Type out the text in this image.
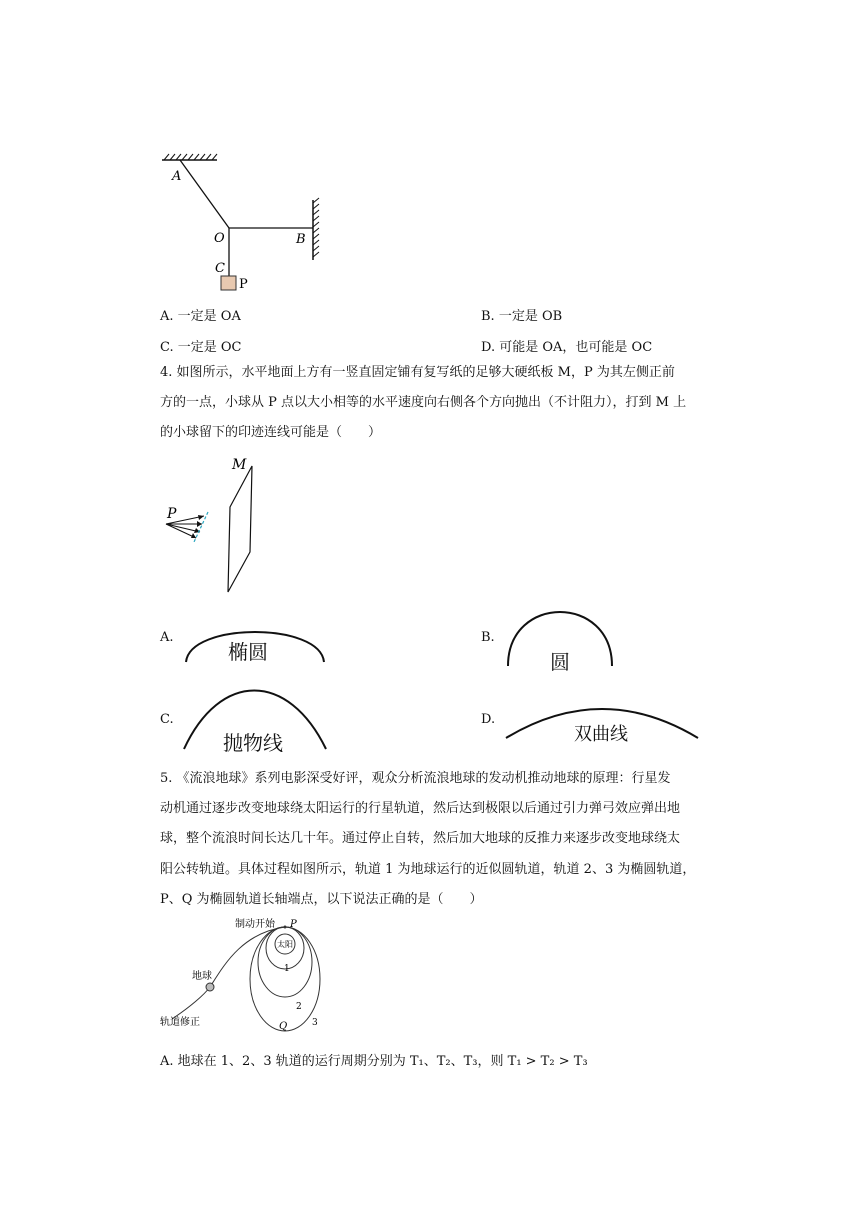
A
O	B
C
P
A. 一定是 OA	B. 一定是 OB
C. 一定是 OC	D. 可能是 OA，也可能是 OC
4. 如图所示，水平地面上方有一竖直固定铺有复写纸的足够大硬纸板 M，P 为其左侧正前
方的一点，小球从 P 点以大小相等的水平速度向右侧各个方向抛出（不计阻力），打到 M 上
的小球留下的印迹连线可能是（　　）
M
P
A.
椭圆
B.
圆
C.
抛物线
D.
双曲线
5. 《流浪地球》系列电影深受好评，观众分析流浪地球的发动机推动地球的原理：行星发
动机通过逐步改变地球绕太阳运行的行星轨道，然后达到极限以后通过引力弹弓效应弹出地
球，整个流浪时间长达几十年。通过停止自转，然后加大地球的反推力来逐步改变地球绕太
阳公转轨道。具体过程如图所示，轨道 1 为地球运行的近似圆轨道，轨道 2、3 为椭圆轨道，
P、Q 为椭圆轨道长轴端点，以下说法正确的是（　　）
太阳
制动开始 P
地球
轨道修正
1
2
3
Q
A. 地球在 1、2、3 轨道的运行周期分别为 T₁、T₂、T₃，则 T₁ > T₂ > T₃
